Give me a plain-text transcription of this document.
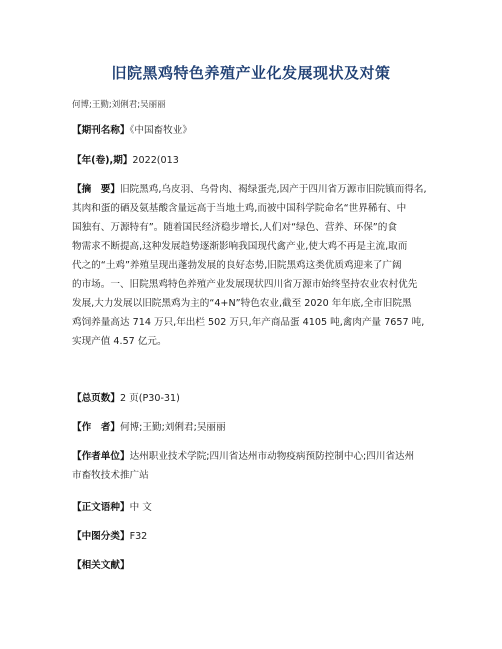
旧院黑鸡特色养殖产业化发展现状及对策
何博;王勤;刘俐君;吴丽丽
【期刊名称】《中国畜牧业》
【年(卷),期】2022(013
【摘　要】旧院黑鸡,乌皮羽、乌骨肉、褐绿蛋壳,因产于四川省万源市旧院镇而得名,
其肉和蛋的硒及氨基酸含量远高于当地土鸡,而被中国科学院命名“世界稀有、中
国独有、万源特有”。随着国民经济稳步增长,人们对“绿色、营养、环保”的食
物需求不断提高,这种发展趋势逐渐影响我国现代禽产业,使大鸡不再是主流,取而
代之的“土鸡”养殖呈现出蓬勃发展的良好态势,旧院黑鸡这类优质鸡迎来了广阔
的市场。一、旧院黑鸡特色养殖产业发展现状四川省万源市始终坚持农业农村优先
发展,大力发展以旧院黑鸡为主的“4+N”特色农业,截至 2020 年年底,全市旧院黑
鸡饲养量高达 714 万只,年出栏 502 万只,年产商品蛋 4105 吨,禽肉产量 7657 吨,
实现产值 4.57 亿元。
【总页数】2 页(P30-31)
【作　者】何博;王勤;刘俐君;吴丽丽
【作者单位】达州职业技术学院;四川省达州市动物疫病预防控制中心;四川省达州
市畜牧技术推广站
【正文语种】中 文
【中图分类】F32
【相关文献】
